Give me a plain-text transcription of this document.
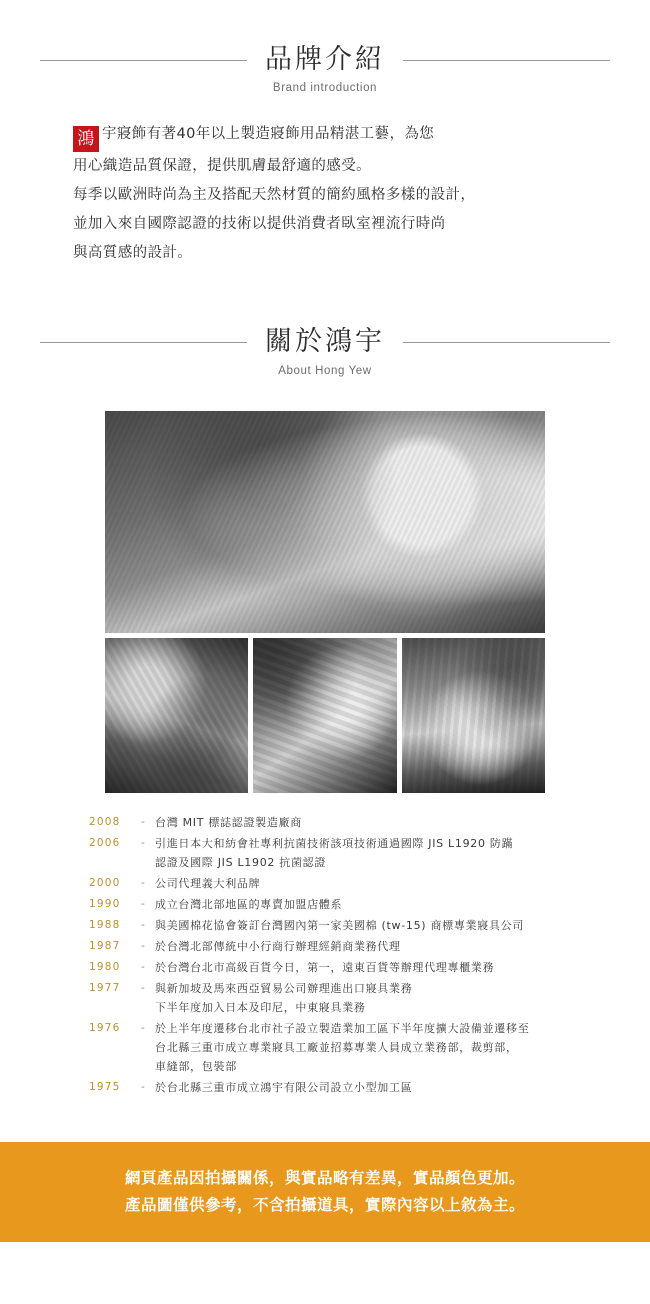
品牌介紹
Brand introduction

鴻 宇寢飾有著40年以上製造寢飾用品精湛工藝，為您
用心織造品質保證，提供肌膚最舒適的感受。
每季以歐洲時尚為主及搭配天然材質的簡約風格多樣的設計，
並加入來自國際認證的技術以提供消費者臥室裡流行時尚
與高質感的設計。

關於鴻宇
About Hong Yew
2008	- 台灣 MIT 標誌認證製造廠商
2006	- 引進日本大和紡會社專利抗菌技術該項技術通過國際 JIS L1920 防蹣
認證及國際 JIS L1902 抗菌認證
2000	- 公司代理義大利品牌
1990	- 成立台灣北部地區的專賣加盟店體系
1988	- 與美國棉花協會簽訂台灣國內第一家美國棉 (tw-15) 商標專業寢具公司
1987	- 於台灣北部傳統中小行商行辦理經銷商業務代理
1980	- 於台灣台北市高級百貨今日，第一，遠東百貨等辦理代理專櫃業務
1977	- 與新加坡及馬來西亞貿易公司辦理進出口寢具業務
下半年度加入日本及印尼，中東寢具業務
1976	- 於上半年度遷移台北市社子設立製造業加工區下半年度擴大設備並遷移至
台北縣三重市成立專業寢具工廠並招募專業人員成立業務部，裁剪部，
車縫部，包裝部
1975	- 於台北縣三重市成立鴻宇有限公司設立小型加工區

網頁產品因拍攝關係，與實品略有差異，實品顏色更加。

產品圖僅供參考，不含拍攝道具，實際內容以上敘為主。
